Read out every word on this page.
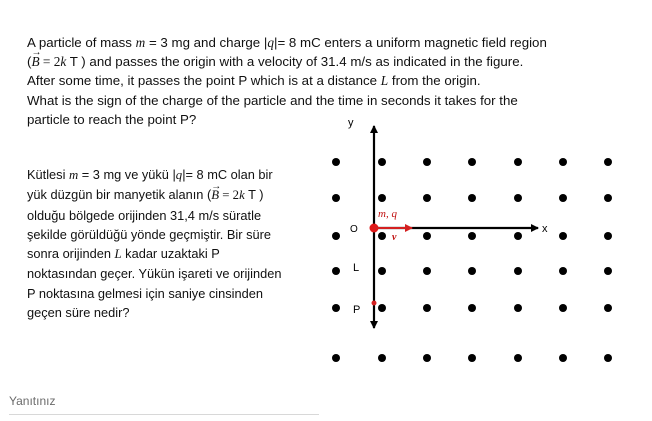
A particle of mass m = 3 mg and charge |q|= 8 mC enters a uniform magnetic field region

(→ B = 2k T ) and passes the origin with a velocity of 31.4 m/s as indicated in the figure.

After some time, it passes the point P which is at a distance L from the origin.

What is the sign of the charge of the particle and the time in seconds it takes for the

particle to reach the point P?

Kütlesi m = 3 mg ve yükü |q|= 8 mC olan bir

yük düzgün bir manyetik alanın (→ B = 2k T )

olduğu bölgede orijinden 31,4 m/s süratle

şekilde görüldüğü yönde geçmiştir. Bir süre

sonra orijinden L kadar uzaktaki P

noktasından geçer. Yükün işareti ve orijinden

P noktasına gelmesi için saniye cinsinden

geçen süre nedir?

y
x
O
L
P
m, q
v
Yanıtınız
